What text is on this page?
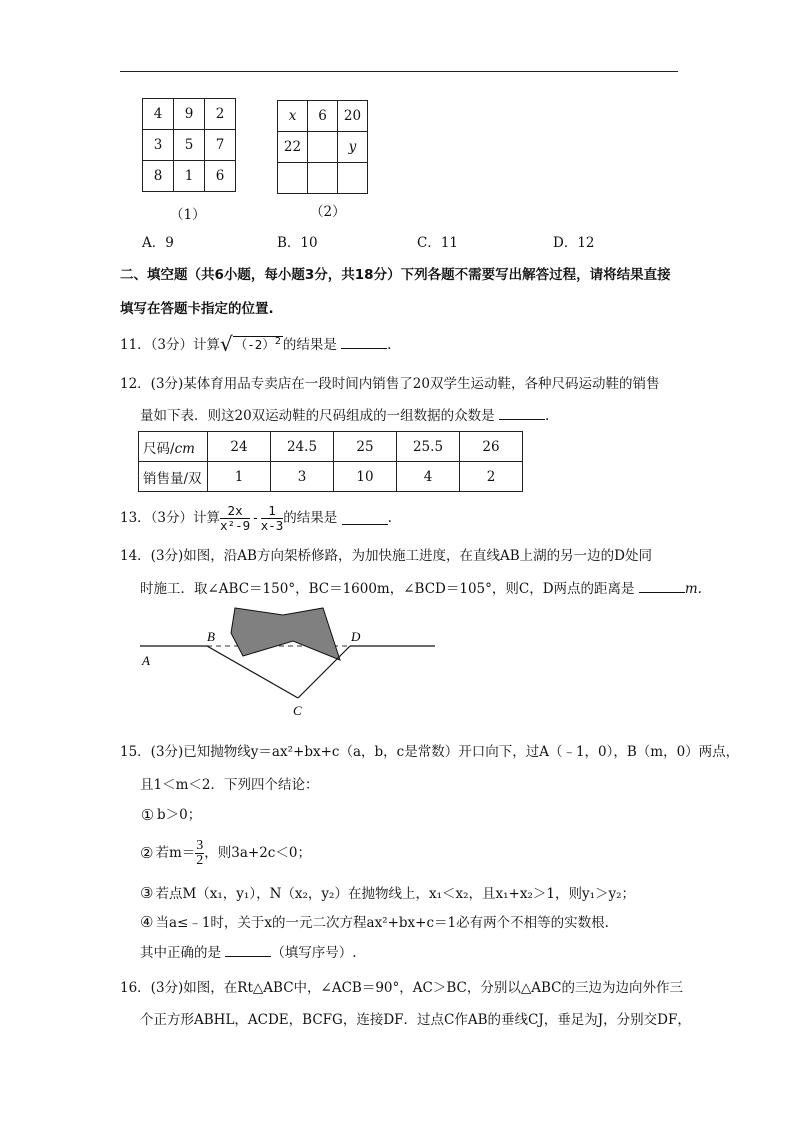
4	9	2
3	5	7
8	1	6
（1）
x	6	20
22		y

（2）
A．9	B．10	C．11	D．12
二、填空题（共6小题，每小题3分，共18分）下列各题不需要写出解答过程，请将结果直接
填写在答题卡指定的位置.
11．（3分）计算√ $(-2)^2$ 的结果是	.
12．(3分)某体育用品专卖店在一段时间内销售了20双学生运动鞋，各种尺码运动鞋的销售
量如下表．则这20双运动鞋的尺码组成的一组数据的众数是	.
尺码/cm	24	24.5	25	25.5	26
销售量/双	1	3	10	4	2
13．（3分）计算 $\frac{2x}{\text{x²-9}} - \frac{1}{x-3}$ 的结果是
	.
14．(3分)如图，沿AB方向架桥修路，为加快施工进度，在直线AB上湖的另一边的D处同
时施工．取∠ABC＝150°，BC＝1600m，∠BCD＝105°，则C，D两点的距离是	m.
A
B
C
D
15．(3分)已知抛物线y＝ax²+bx+c（a，b，c是常数）开口向下，过A（﹣1，0），B（m，0）两点，
且1＜m＜2．下列四个结论：
① b＞0；
② 若$m= \frac{3}{2}$ ，则3a+2c＜0；
③ 若点M（x₁，y₁），N（x₂，y₂）在抛物线上，x₁＜x₂，且x₁+x₂＞1，则y₁＞y₂；
④ 当a≤﹣1时，关于x的一元二次方程ax²+bx+c＝1必有两个不相等的实数根.
其中正确的是	（填写序号）.
16．(3分)如图，在Rt△ABC中，∠ACB＝90°，AC＞BC，分别以△ABC的三边为边向外作三
个正方形ABHL，ACDE，BCFG，连接DF．过点C作AB的垂线CJ，垂足为J，分别交DF，
